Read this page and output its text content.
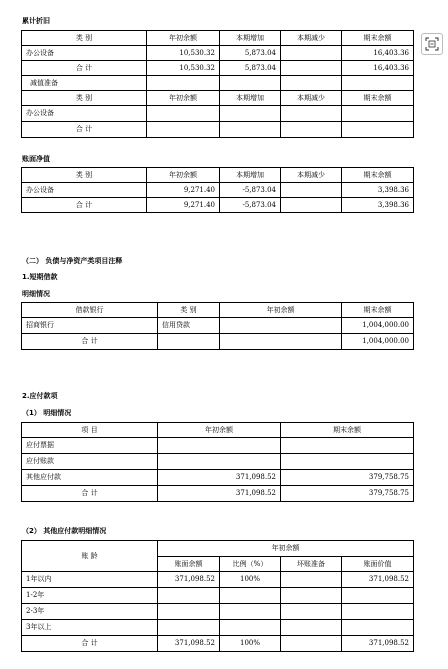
累计折旧
类 别	年初余额	本期增加	本期减少	期末余额
办公设备	10,530.32	5,873.04		16,403.36
合 计	10,530.32	5,873.04		16,403.36
减值准备				
类 别	年初余额	本期增加	本期减少	期末余额
办公设备				
合 计				
账面净值
类 别	年初余额	本期增加	本期减少	期末余额
办公设备	9,271.40	-5,873.04		3,398.36
合 计	9,271.40	-5,873.04		3,398.36
（二） 负债与净资产类项目注释
1.短期借款
明细情况
借款银行	类 别	年初余额	期末余额
招商银行	信用贷款		1,004,000.00
合 计			1,004,000.00
2.应付款项
（1） 明细情况
项 目	年初余额	期末余额
应付票据		
应付账款		
其他应付款	371,098.52	379,758.75
合 计	371,098.52	379,758.75
（2） 其他应付款明细情况
账 龄	年初余额			
	账面余额	比例（%）	坏账准备	账面价值
1年以内	371,098.52	100%		371,098.52
1-2年				
2-3年				
3年以上				
合 计	371,098.52	100%		371,098.52
